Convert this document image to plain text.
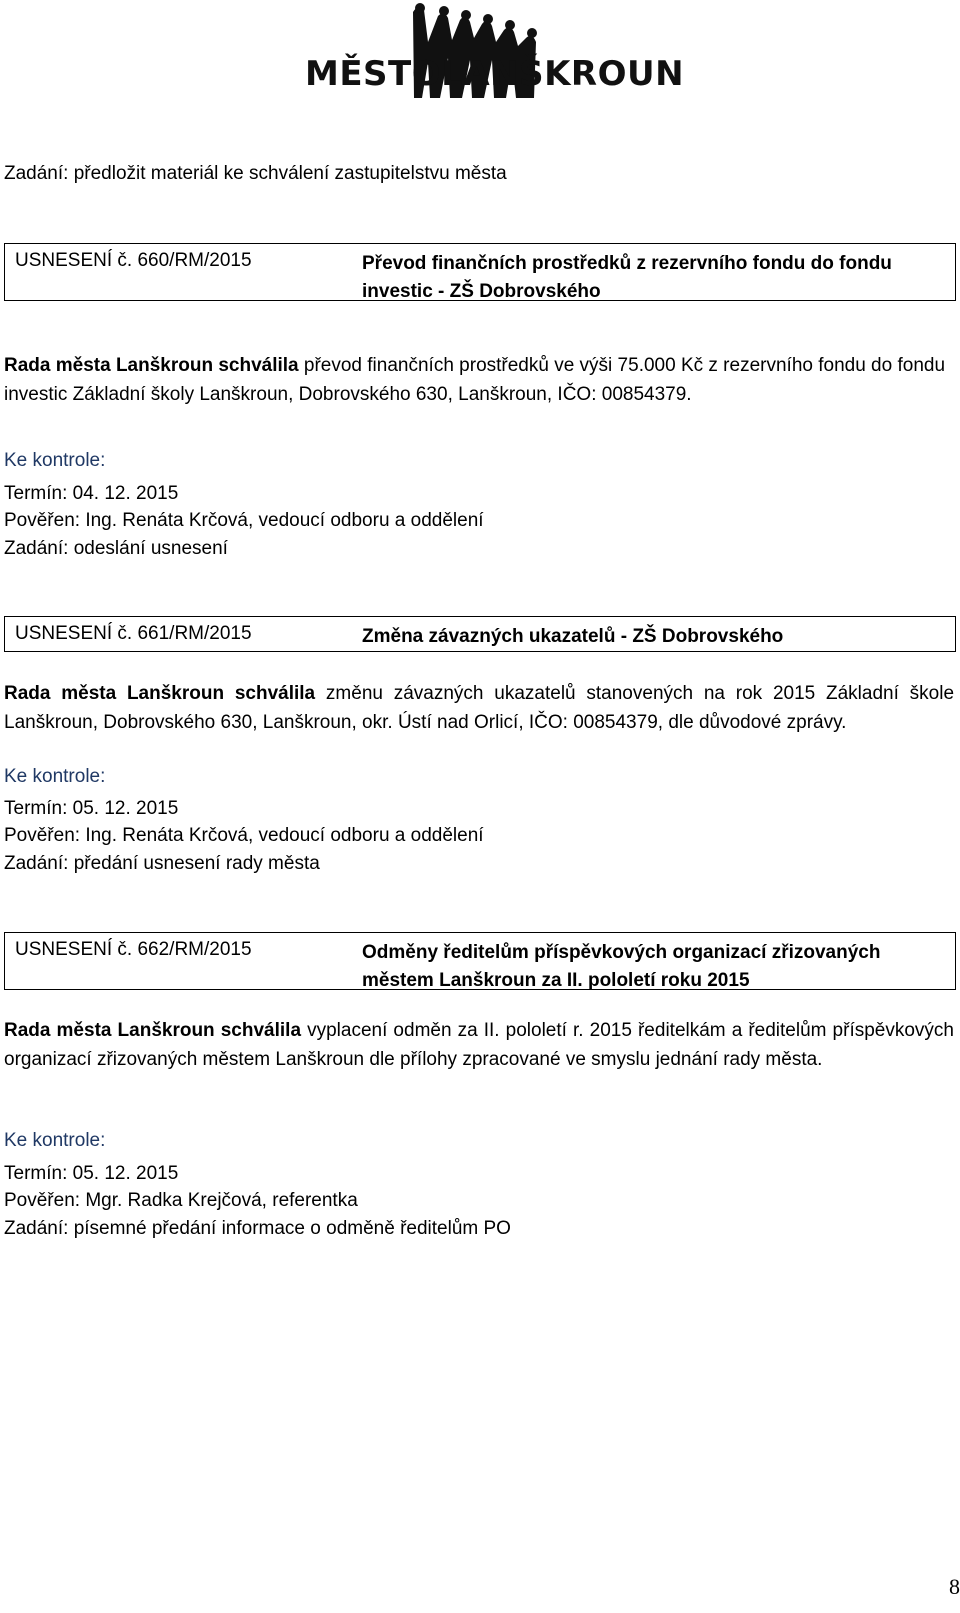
MĚSTOLANŠKROUN
Zadání: předložit materiál ke schválení zastupitelstvu města
USNESENÍ č. 660/RM/2015	Převod finančních prostředků z rezervního fondu do fondu investic - ZŠ Dobrovského
Rada města Lanškroun schválila převod finančních prostředků ve výši 75.000 Kč z rezervního fondu do fondu investic Základní školy Lanškroun, Dobrovského 630, Lanškroun, IČO: 00854379.
Ke kontrole:
Termín: 04. 12. 2015
Pověřen: Ing. Renáta Krčová, vedoucí odboru a oddělení
Zadání: odeslání usnesení
USNESENÍ č. 661/RM/2015	Změna závazných ukazatelů - ZŠ Dobrovského
Rada města Lanškroun schválila změnu závazných ukazatelů stanovených na rok 2015 Základní škole Lanškroun, Dobrovského 630, Lanškroun, okr. Ústí nad Orlicí, IČO: 00854379, dle důvodové zprávy.
Ke kontrole:
Termín: 05. 12. 2015
Pověřen: Ing. Renáta Krčová, vedoucí odboru a oddělení
Zadání: předání usnesení rady města
USNESENÍ č. 662/RM/2015	Odměny ředitelům příspěvkových organizací zřizovaných městem Lanškroun za II. pololetí roku 2015
Rada města Lanškroun schválila vyplacení odměn za II. pololetí r. 2015 ředitelkám a ředitelům příspěvkových organizací zřizovaných městem Lanškroun dle přílohy zpracované ve smyslu jednání rady města.
Ke kontrole:
Termín: 05. 12. 2015
Pověřen: Mgr. Radka Krejčová, referentka
Zadání: písemné předání informace o odměně ředitelům PO
8
